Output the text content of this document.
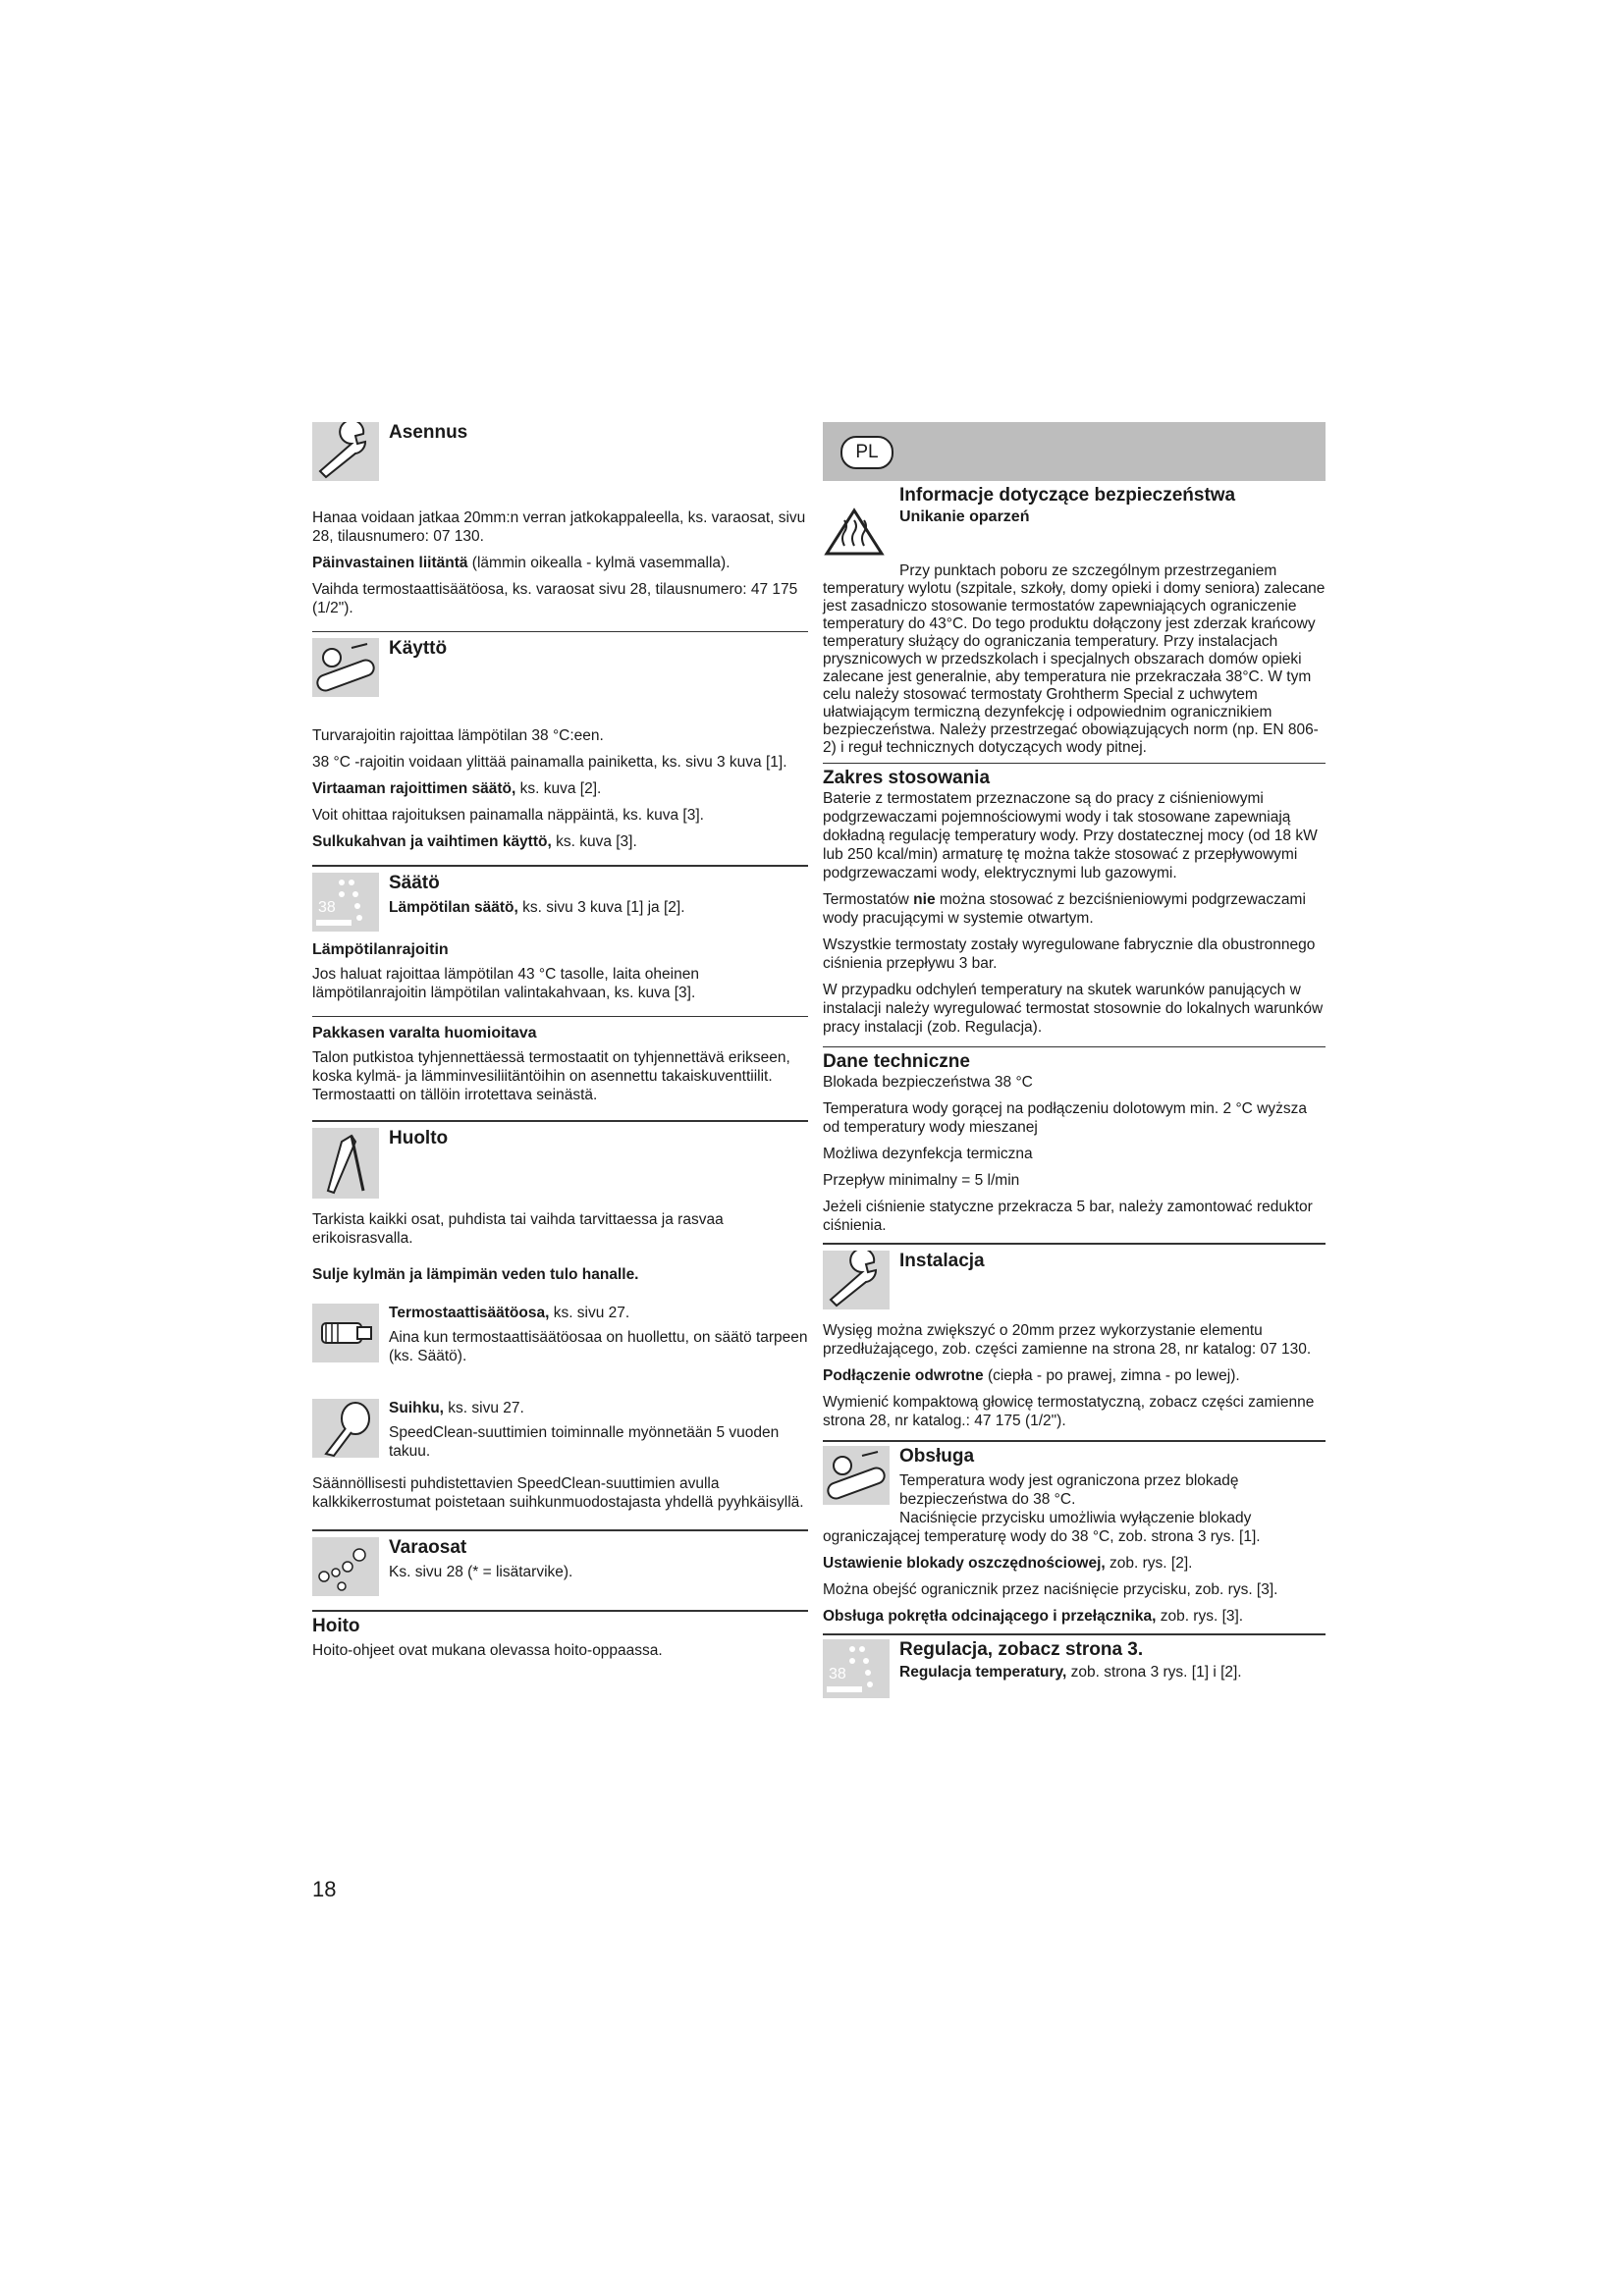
Asennus

Hanaa voidaan jatkaa 20mm:n verran jatkokappaleella, ks. varaosat, sivu 28, tilausnumero: 07 130.

Päinvastainen liitäntä (lämmin oikealla - kylmä vasemmalla).

Vaihda termostaattisäätöosa, ks. varaosat sivu 28, tilausnumero: 47 175 (1/2").

Käyttö

Turvarajoitin rajoittaa lämpötilan 38 °C:een.

38 °C -rajoitin voidaan ylittää painamalla painiketta, ks. sivu 3 kuva [1].

Virtaaman rajoittimen säätö, ks. kuva [2].

Voit ohittaa rajoituksen painamalla näppäintä, ks. kuva [3].

Sulkukahvan ja vaihtimen käyttö, ks. kuva [3].

38
Säätö

Lämpötilan säätö, ks. sivu 3 kuva [1] ja [2].

Lämpötilanrajoitin

Jos haluat rajoittaa lämpötilan 43 °C tasolle, laita oheinen lämpötilanrajoitin lämpötilan valintakahvaan, ks. kuva [3].

Pakkasen varalta huomioitava

Talon putkistoa tyhjennettäessä termostaatit on tyhjennettävä erikseen, koska kylmä- ja lämminvesiliitäntöihin on asennettu takaiskuventtiilit. Termostaatti on tällöin irrotettava seinästä.

Huolto

Tarkista kaikki osat, puhdista tai vaihda tarvittaessa ja rasvaa erikoisrasvalla.

Sulje kylmän ja lämpimän veden tulo hanalle.

Termostaattisäätöosa, ks. sivu 27.

Aina kun termostaattisäätöosaa on huollettu, on säätö tarpeen (ks. Säätö).

Suihku, ks. sivu 27.

SpeedClean-suuttimien toiminnalle myönnetään 5 vuoden takuu.

Säännöllisesti puhdistettavien SpeedClean-suuttimien avulla kalkkikerrostumat poistetaan suihkunmuodostajasta yhdellä pyyhkäisyllä.

Varaosat

Ks. sivu 28 (* = lisätarvike).

Hoito

Hoito-ohjeet ovat mukana olevassa hoito-oppaassa.

PL
Informacje dotyczące bezpieczeństwa
Unikanie oparzeń

Przy punktach poboru ze szczególnym przestrzeganiem temperatury wylotu (szpitale, szkoły, domy opieki i domy seniora) zalecane jest zasadniczo stosowanie termostatów zapewniających ograniczenie temperatury do 43°C. Do tego produktu dołączony jest zderzak krańcowy temperatury służący do ograniczania temperatury. Przy instalacjach prysznicowych w przedszkolach i specjalnych obszarach domów opieki zalecane jest generalnie, aby temperatura nie przekraczała 38°C. W tym celu należy stosować termostaty Grohtherm Special z uchwytem ułatwiającym termiczną dezynfekcję i odpowiednim ogranicznikiem bezpieczeństwa. Należy przestrzegać obowiązujących norm (np. EN 806-2) i reguł technicznych dotyczących wody pitnej.

Zakres stosowania

Baterie z termostatem przeznaczone są do pracy z ciśnieniowymi podgrzewaczami pojemnościowymi wody i tak stosowane zapewniają dokładną regulację temperatury wody. Przy dostatecznej mocy (od 18 kW lub 250 kcal/min) armaturę tę można także stosować z przepływowymi podgrzewaczami wody, elektrycznymi lub gazowymi.

Termostatów nie można stosować z bezciśnieniowymi podgrzewaczami wody pracującymi w systemie otwartym.

Wszystkie termostaty zostały wyregulowane fabrycznie dla obustronnego ciśnienia przepływu 3 bar.

W przypadku odchyleń temperatury na skutek warunków panujących w instalacji należy wyregulować termostat stosownie do lokalnych warunków pracy instalacji (zob. Regulacja).

Dane techniczne

Blokada bezpieczeństwa 38 °C

Temperatura wody gorącej na podłączeniu dolotowym min. 2 °C wyższa od temperatury wody mieszanej

Możliwa dezynfekcja termiczna

Przepływ minimalny = 5 l/min

Jeżeli ciśnienie statyczne przekracza 5 bar, należy zamontować reduktor ciśnienia.

Instalacja

Wysięg można zwiększyć o 20mm przez wykorzystanie elementu przedłużającego, zob. części zamienne na strona 28, nr katalog: 07 130.

Podłączenie odwrotne (ciepła - po prawej, zimna - po lewej).

Wymienić kompaktową głowicę termostatyczną, zobacz części zamienne strona 28, nr katalog.: 47 175 (1/2").

Obsługa

Temperatura wody jest ograniczona przez blokadę bezpieczeństwa do 38 °C.

Naciśnięcie przycisku umożliwia wyłączenie blokady ograniczającej temperaturę wody do 38 °C, zob. strona 3 rys. [1].

Ustawienie blokady oszczędnościowej, zob. rys. [2].

Można obejść ogranicznik przez naciśnięcie przycisku, zob. rys. [3].

Obsługa pokrętła odcinającego i przełącznika, zob. rys. [3].

38
Regulacja, zobacz strona 3.

Regulacja temperatury, zob. strona 3 rys. [1] i [2].

18
